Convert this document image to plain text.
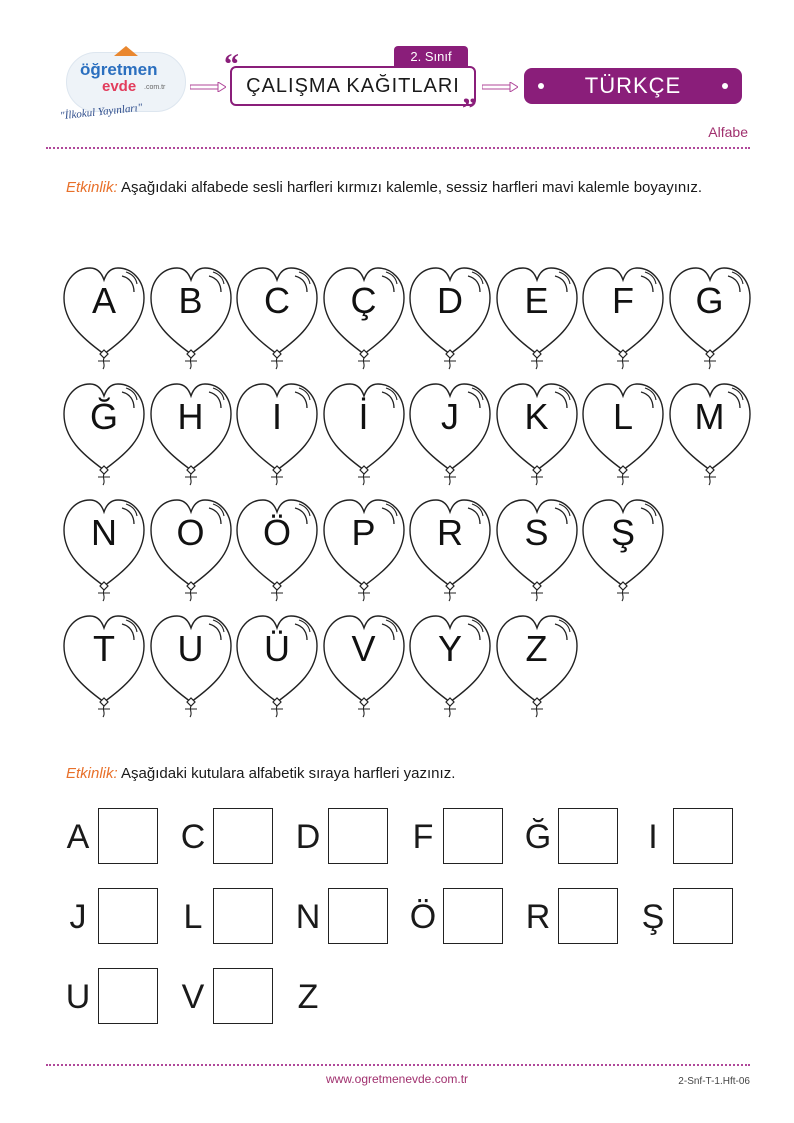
öğretmen
evde .com.tr
"İlkokul Yayınları"
2. Sınıf
“
ÇALIŞMA KAĞITLARI
”
TÜRKÇE
Alfabe
Etkinlik: Aşağıdaki alfabede sesli harfleri kırmızı kalemle, sessiz harfleri mavi kalemle boyayınız.
A	B	C	Ç	D	E	F	G
Ğ	H	I	İ	J	K	L	M
N	O	Ö	P	R	S	Ş
T	U	Ü	V	Y	Z
Etkinlik: Aşağıdaki kutulara alfabetik sıraya harfleri yazınız.
A	C	D	F	Ğ	I
J	L	N	Ö	R	Ş
U	V	Z
www.ogretmenevde.com.tr	2-Snf-T-1.Hft-06
